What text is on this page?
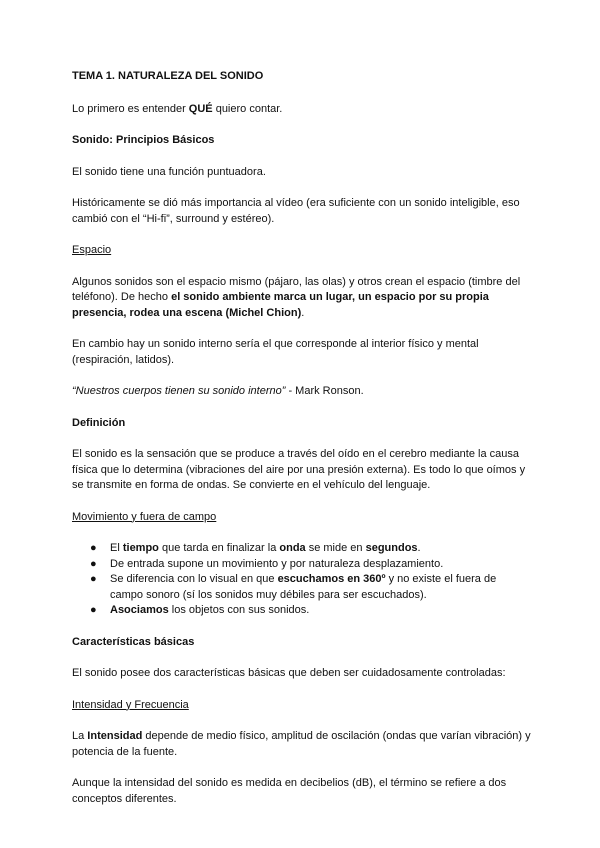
TEMA 1. NATURALEZA DEL SONIDO

Lo primero es entender QUÉ quiero contar.

Sonido: Principios Básicos

El sonido tiene una función puntuadora.

Históricamente se dió más importancia al vídeo (era suficiente con un sonido inteligible, eso cambió con el “Hi-fi”, surround y estéreo).

Espacio

Algunos sonidos son el espacio mismo (pájaro, las olas) y otros crean el espacio (timbre del teléfono). De hecho el sonido ambiente marca un lugar, un espacio por su propia presencia, rodea una escena (Michel Chion).

En cambio hay un sonido interno sería el que corresponde al interior físico y mental (respiración, latidos).

“Nuestros cuerpos tienen su sonido interno” - Mark Ronson.

Definición

El sonido es la sensación que se produce a través del oído en el cerebro mediante la causa física que lo determina (vibraciones del aire por una presión externa). Es todo lo que oímos y se transmite en forma de ondas. Se convierte en el vehículo del lenguaje.

Movimiento y fuera de campo

● El tiempo que tarda en finalizar la onda se mide en segundos.
● De entrada supone un movimiento y por naturaleza desplazamiento.
● Se diferencia con lo visual en que escuchamos en 360º y no existe el fuera de campo sonoro (sí los sonidos muy débiles para ser escuchados).
● Asociamos los objetos con sus sonidos.

Características básicas

El sonido posee dos características básicas que deben ser cuidadosamente controladas:

Intensidad y Frecuencia

La Intensidad depende de medio físico, amplitud de oscilación (ondas que varían vibración) y potencia de la fuente.

Aunque la intensidad del sonido es medida en decibelios (dB), el término se refiere a dos conceptos diferentes.
